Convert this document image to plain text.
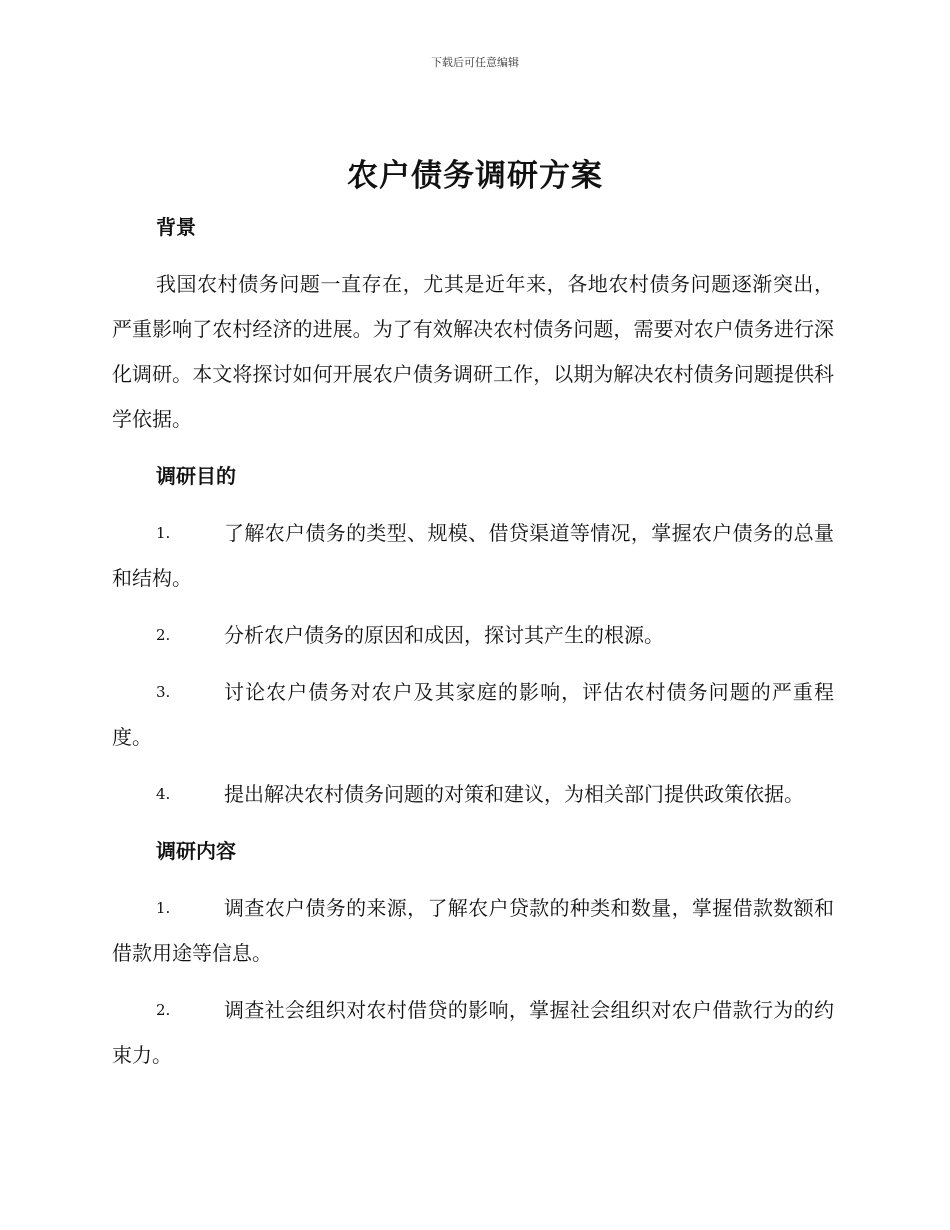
下载后可任意编辑
农户债务调研方案
背景
我国农村债务问题一直存在，尤其是近年来，各地农村债务问题逐渐突出，严重影响了农村经济的进展。为了有效解决农村债务问题，需要对农户债务进行深化调研。本文将探讨如何开展农户债务调研工作，以期为解决农村债务问题提供科学依据。
调研目的
1.	了解农户债务的类型、规模、借贷渠道等情况，掌握农户债务的总量和结构。
2.	分析农户债务的原因和成因，探讨其产生的根源。
3.	讨论农户债务对农户及其家庭的影响，评估农村债务问题的严重程度。
4.	提出解决农村债务问题的对策和建议，为相关部门提供政策依据。
调研内容
1.	调查农户债务的来源，了解农户贷款的种类和数量，掌握借款数额和借款用途等信息。
2.	调查社会组织对农村借贷的影响，掌握社会组织对农户借款行为的约束力。
